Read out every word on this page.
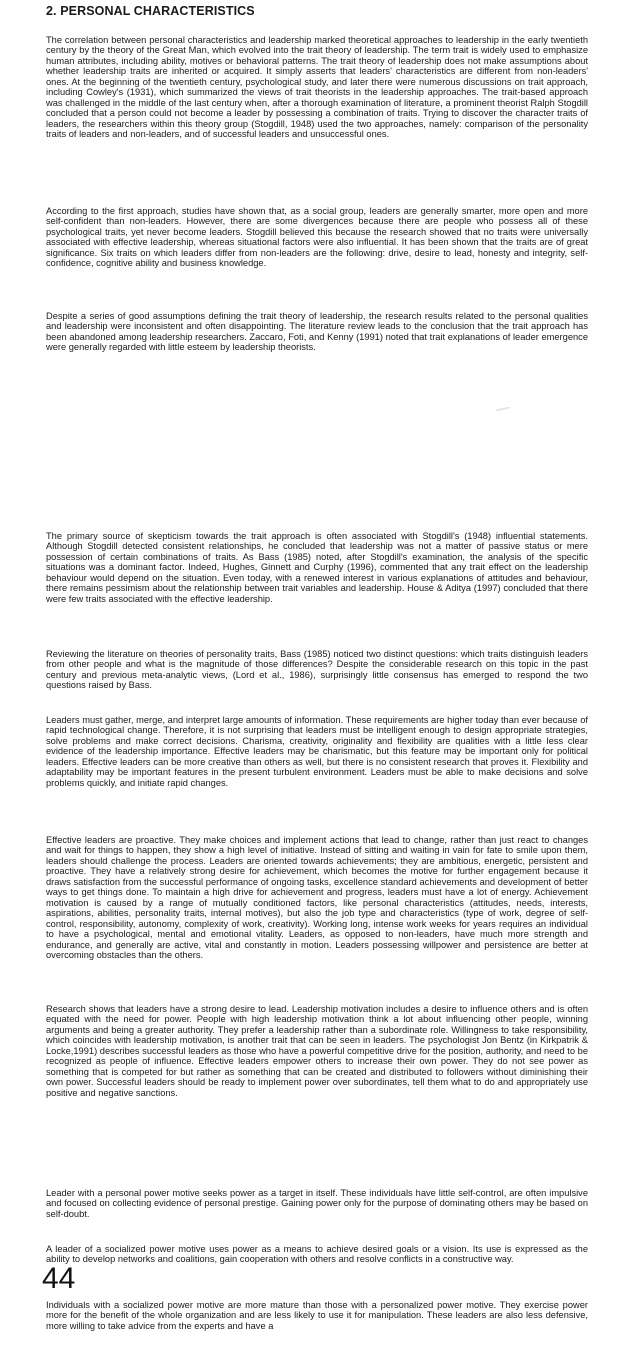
2. PERSONAL CHARACTERISTICS

The correlation between personal characteristics and leadership marked theoretical approaches to leadership in the early twentieth century by the theory of the Great Man, which evolved into the trait theory of leadership. The term trait is widely used to emphasize human attributes, including ability, motives or behavioral patterns. The trait theory of leadership does not make assumptions about whether leadership traits are inherited or acquired. It simply asserts that leaders' characteristics are different from non-leaders' ones. At the beginning of the twentieth century, psychological study, and later there were numerous discussions on trait approach, including Cowley's (1931), which summarized the views of trait theorists in the leadership approaches. The trait-based approach was challenged in the middle of the last century when, after a thorough examination of literature, a prominent theorist Ralph Stogdill concluded that a person could not become a leader by possessing a combination of traits. Trying to discover the character traits of leaders, the researchers within this theory group (Stogdill, 1948) used the two approaches, namely: comparison of the personality traits of leaders and non-leaders, and of successful leaders and unsuccessful ones.

According to the first approach, studies have shown that, as a social group, leaders are generally smarter, more open and more self-confident than non-leaders. However, there are some divergences because there are people who possess all of these psychological traits, yet never become leaders. Stogdill believed this because the research showed that no traits were universally associated with effective leadership, whereas situational factors were also influential. It has been shown that the traits are of great significance. Six traits on which leaders differ from non-leaders are the following: drive, desire to lead, honesty and integrity, self-confidence, cognitive ability and business knowledge.

Despite a series of good assumptions defining the trait theory of leadership, the research results related to the personal qualities and leadership were inconsistent and often disappointing. The literature review leads to the conclusion that the trait approach has been abandoned among leadership researchers. Zaccaro, Foti, and Kenny (1991) noted that trait explanations of leader emergence were generally regarded with little esteem by leadership theorists.

The primary source of skepticism towards the trait approach is often associated with Stogdill's (1948) influential statements. Although Stogdill detected consistent relationships, he concluded that leadership was not a matter of passive status or mere possession of certain combinations of traits. As Bass (1985) noted, after Stogdill's examination, the analysis of the specific situations was a dominant factor. Indeed, Hughes, Ginnett and Curphy (1996), commented that any trait effect on the leadership behaviour would depend on the situation. Even today, with a renewed interest in various explanations of attitudes and behaviour, there remains pessimism about the relationship between trait variables and leadership. House & Aditya (1997) concluded that there were few traits associated with the effective leadership.

Reviewing the literature on theories of personality traits, Bass (1985) noticed two distinct questions: which traits distinguish leaders from other people and what is the magnitude of those differences? Despite the considerable research on this topic in the past century and previous meta-analytic views, (Lord et al., 1986), surprisingly little consensus has emerged to respond the two questions raised by Bass.

Leaders must gather, merge, and interpret large amounts of information. These requirements are higher today than ever because of rapid technological change. Therefore, it is not surprising that leaders must be intelligent enough to design appropriate strategies, solve problems and make correct decisions. Charisma, creativity, originality and flexibility are qualities with a little less clear evidence of the leadership importance. Effective leaders may be charismatic, but this feature may be important only for political leaders. Effective leaders can be more creative than others as well, but there is no consistent research that proves it. Flexibility and adaptability may be important features in the present turbulent environment. Leaders must be able to make decisions and solve problems quickly, and initiate rapid changes.

Effective leaders are proactive. They make choices and implement actions that lead to change, rather than just react to changes and wait for things to happen, they show a high level of initiative. Instead of sitting and waiting in vain for fate to smile upon them, leaders should challenge the process. Leaders are oriented towards achievements; they are ambitious, energetic, persistent and proactive. They have a relatively strong desire for achievement, which becomes the motive for further engagement because it draws satisfaction from the successful performance of ongoing tasks, excellence standard achievements and development of better ways to get things done. To maintain a high drive for achievement and progress, leaders must have a lot of energy. Achievement motivation is caused by a range of mutually conditioned factors, like personal characteristics (attitudes, needs, interests, aspirations, abilities, personality traits, internal motives), but also the job type and characteristics (type of work, degree of self-control, responsibility, autonomy, complexity of work, creativity). Working long, intense work weeks for years requires an individual to have a psychological, mental and emotional vitality. Leaders, as opposed to non-leaders, have much more strength and endurance, and generally are active, vital and constantly in motion. Leaders possessing willpower and persistence are better at overcoming obstacles than the others.

Research shows that leaders have a strong desire to lead. Leadership motivation includes a desire to influence others and is often equated with the need for power. People with high leadership motivation think a lot about influencing other people, winning arguments and being a greater authority. They prefer a leadership rather than a subordinate role. Willingness to take responsibility, which coincides with leadership motivation, is another trait that can be seen in leaders. The psychologist Jon Bentz (in Kirkpatrik & Locke,1991) describes successful leaders as those who have a powerful competitive drive for the position, authority, and need to be recognized as people of influence. Effective leaders empower others to increase their own power. They do not see power as something that is competed for but rather as something that can be created and distributed to followers without diminishing their own power. Successful leaders should be ready to implement power over subordinates, tell them what to do and appropriately use positive and negative sanctions.

Leader with a personal power motive seeks power as a target in itself. These individuals have little self-control, are often impulsive and focused on collecting evidence of personal prestige. Gaining power only for the purpose of dominating others may be based on self-doubt.

A leader of a socialized power motive uses power as a means to achieve desired goals or a vision. Its use is expressed as the ability to develop networks and coalitions, gain cooperation with others and resolve conflicts in a constructive way.

44

Individuals with a socialized power motive are more mature than those with a personalized power motive. They exercise power more for the benefit of the whole organization and are less likely to use it for manipulation. These leaders are also less defensive, more willing to take advice from the experts and have a
